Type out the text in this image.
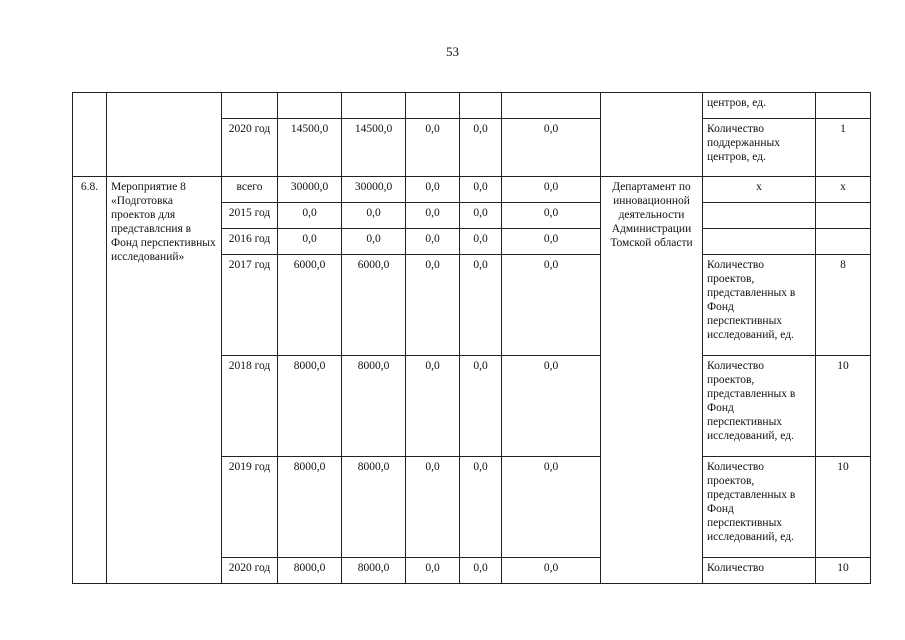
53
									центров, ед.	
		2020 год	14500,0	14500,0	0,0	0,0	0,0		Количество поддержанных центров, ед.	1
6.8.	Мероприятие 8 «Подготовка проектов для представлсния в Фонд перспективных исследований»	всего	30000,0	30000,0	0,0	0,0	0,0	Департамент по инновационной деятельности Администрации Томской области	х	х
		2015 год	0,0	0,0	0,0	0,0	0,0			
		2016 год	0,0	0,0	0,0	0,0	0,0			
		2017 год	6000,0	6000,0	0,0	0,0	0,0		Количество проектов, представленных в Фонд перспективных исследований, ед.	8
		2018 год	8000,0	8000,0	0,0	0,0	0,0		Количество проектов, представленных в Фонд перспективных исследований, ед.	10
		2019 год	8000,0	8000,0	0,0	0,0	0,0		Количество проектов, представленных в Фонд перспективных исследований, ед.	10
		2020 год	8000,0	8000,0	0,0	0,0	0,0		Количество	10
